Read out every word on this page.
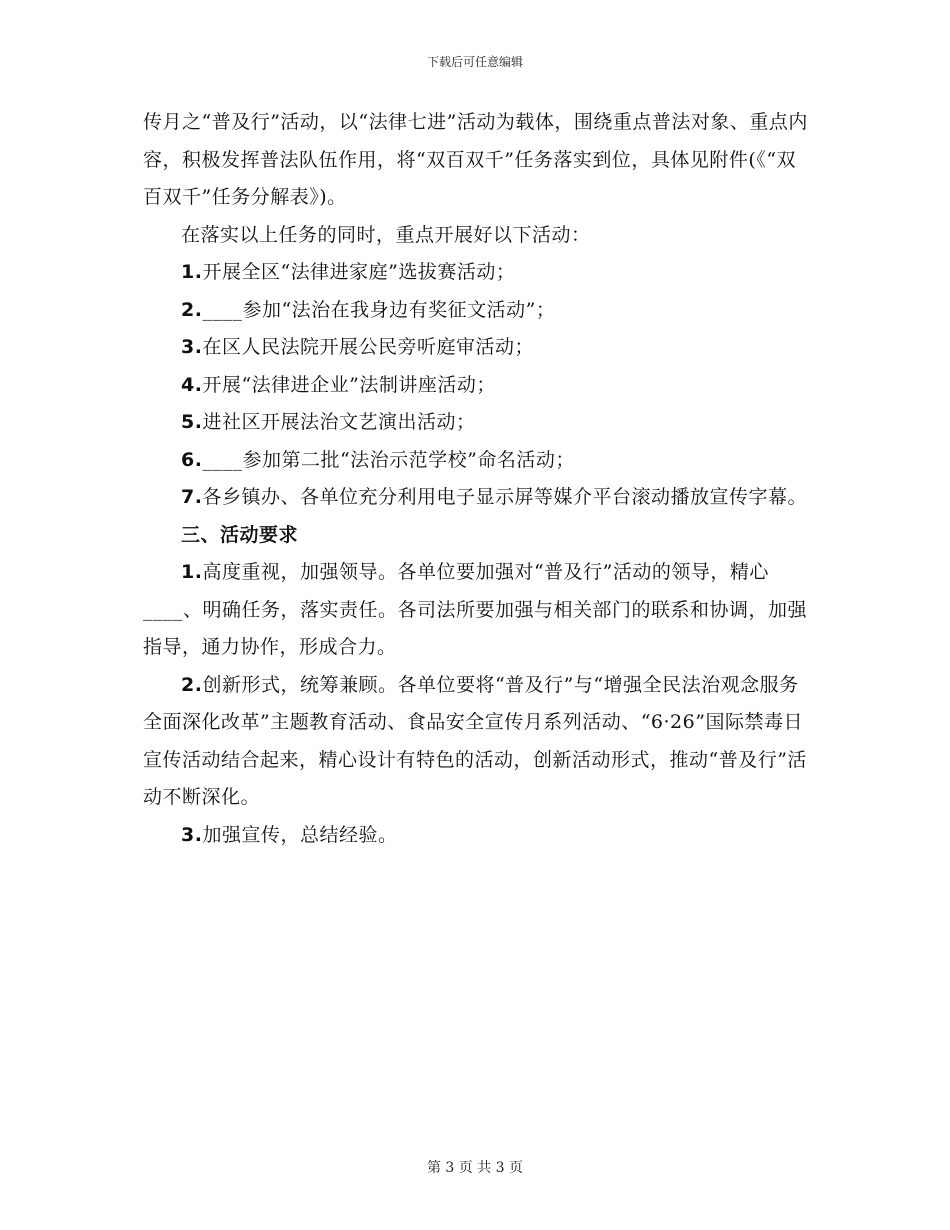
下载后可任意编辑

传月之“普及行”活动，以“法律七进”活动为载体，围绕重点普法对象、重点内容，积极发挥普法队伍作用，将“双百双千”任务落实到位，具体见附件(《“双百双千”任务分解表》)。

在落实以上任务的同时，重点开展好以下活动：

1.开展全区“法律进家庭”选拔赛活动；

2.____参加“法治在我身边有奖征文活动”；

3.在区人民法院开展公民旁听庭审活动；

4.开展“法律进企业”法制讲座活动；

5.进社区开展法治文艺演出活动；

6.____参加第二批“法治示范学校”命名活动；

7.各乡镇办、各单位充分利用电子显示屏等媒介平台滚动播放宣传字幕。

三、活动要求

1.高度重视，加强领导。各单位要加强对“普及行”活动的领导，精心____、明确任务，落实责任。各司法所要加强与相关部门的联系和协调，加强指导，通力协作，形成合力。

2.创新形式，统筹兼顾。各单位要将“普及行”与“增强全民法治观念服务全面深化改革”主题教育活动、食品安全宣传月系列活动、“6·26”国际禁毒日宣传活动结合起来，精心设计有特色的活动，创新活动形式，推动“普及行”活动不断深化。

3.加强宣传，总结经验。

第 3 页 共 3 页
